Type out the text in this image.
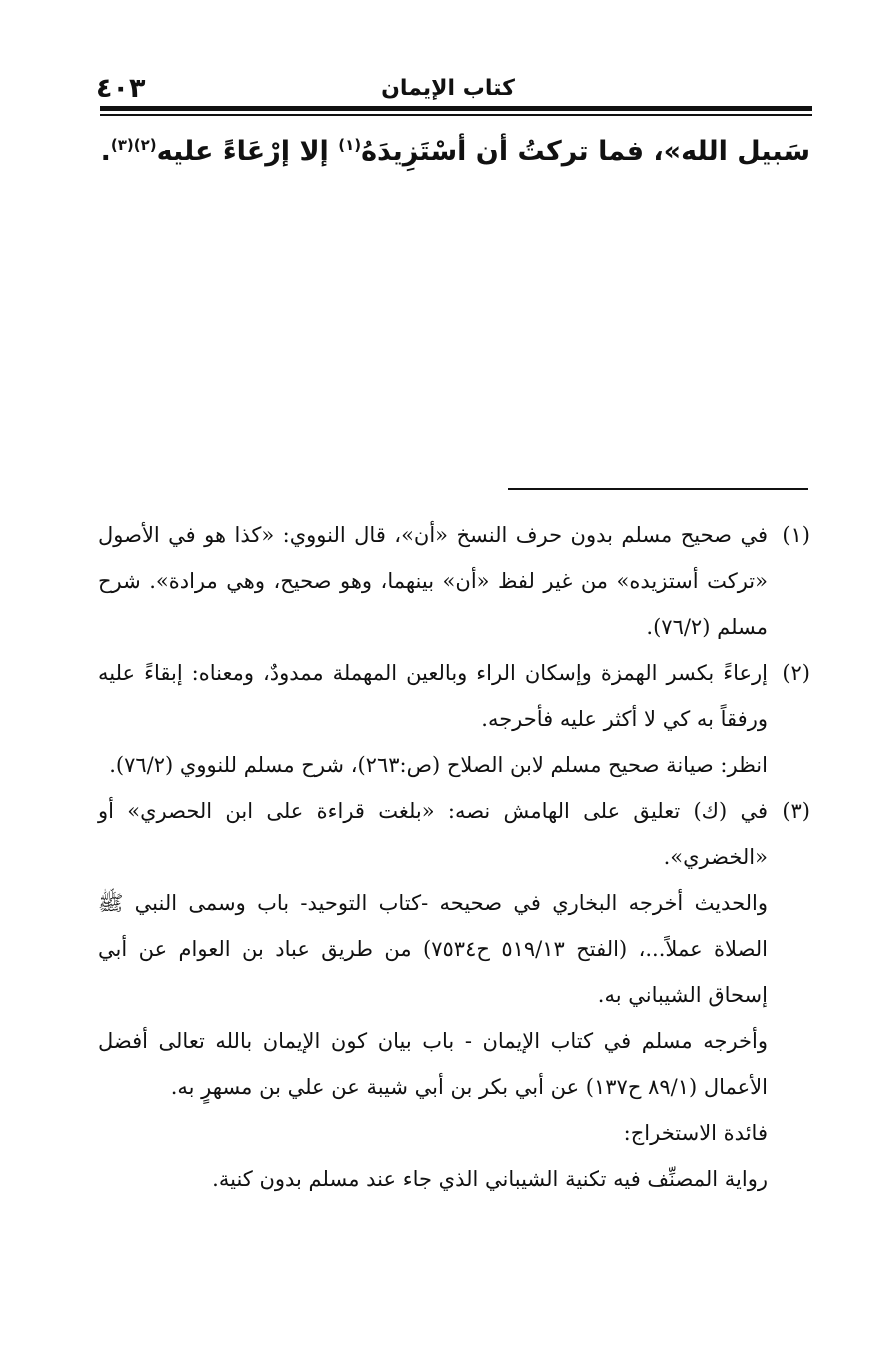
٤٠٣	كتاب الإيمان

سَبيل الله»، فما تركتُ أن أسْتَزِيدَهُ$^{(١)}$ إلا إرْعَاءً عليه$^{(٢)(٣)}$.

(١)

في صحيح مسلم بدون حرف النسخ «أن»، قال النووي: «كذا هو في الأصول «تركت أستزيده» من غير لفظ «أن» بينهما، وهو صحيح، وهي مرادة». شرح مسلم (٧٦/٢).

(٢)

إرعاءً بكسر الهمزة وإسكان الراء وبالعين المهملة ممدودٌ، ومعناه: إبقاءً عليه ورفقاً به كي لا أكثر عليه فأحرجه.

انظر: صيانة صحيح مسلم لابن الصلاح (ص:٢٦٣)، شرح مسلم للنووي (٧٦/٢).

(٣)

في (ك) تعليق على الهامش نصه: «بلغت قراءة على ابن الحصري» أو «الخضري».

والحديث أخرجه البخاري في صحيحه -كتاب التوحيد- باب وسمى النبي ﷺ الصلاة عملاً...، (الفتح ٥١٩/١٣ ح٧٥٣٤) من طريق عباد بن العوام عن أبي إسحاق الشيباني به.

وأخرجه مسلم في كتاب الإيمان - باب بيان كون الإيمان بالله تعالى أفضل الأعمال (٨٩/١ ح١٣٧) عن أبي بكر بن أبي شيبة عن علي بن مسهرٍ به.

فائدة الاستخراج:

رواية المصنِّف فيه تكنية الشيباني الذي جاء عند مسلم بدون كنية.
